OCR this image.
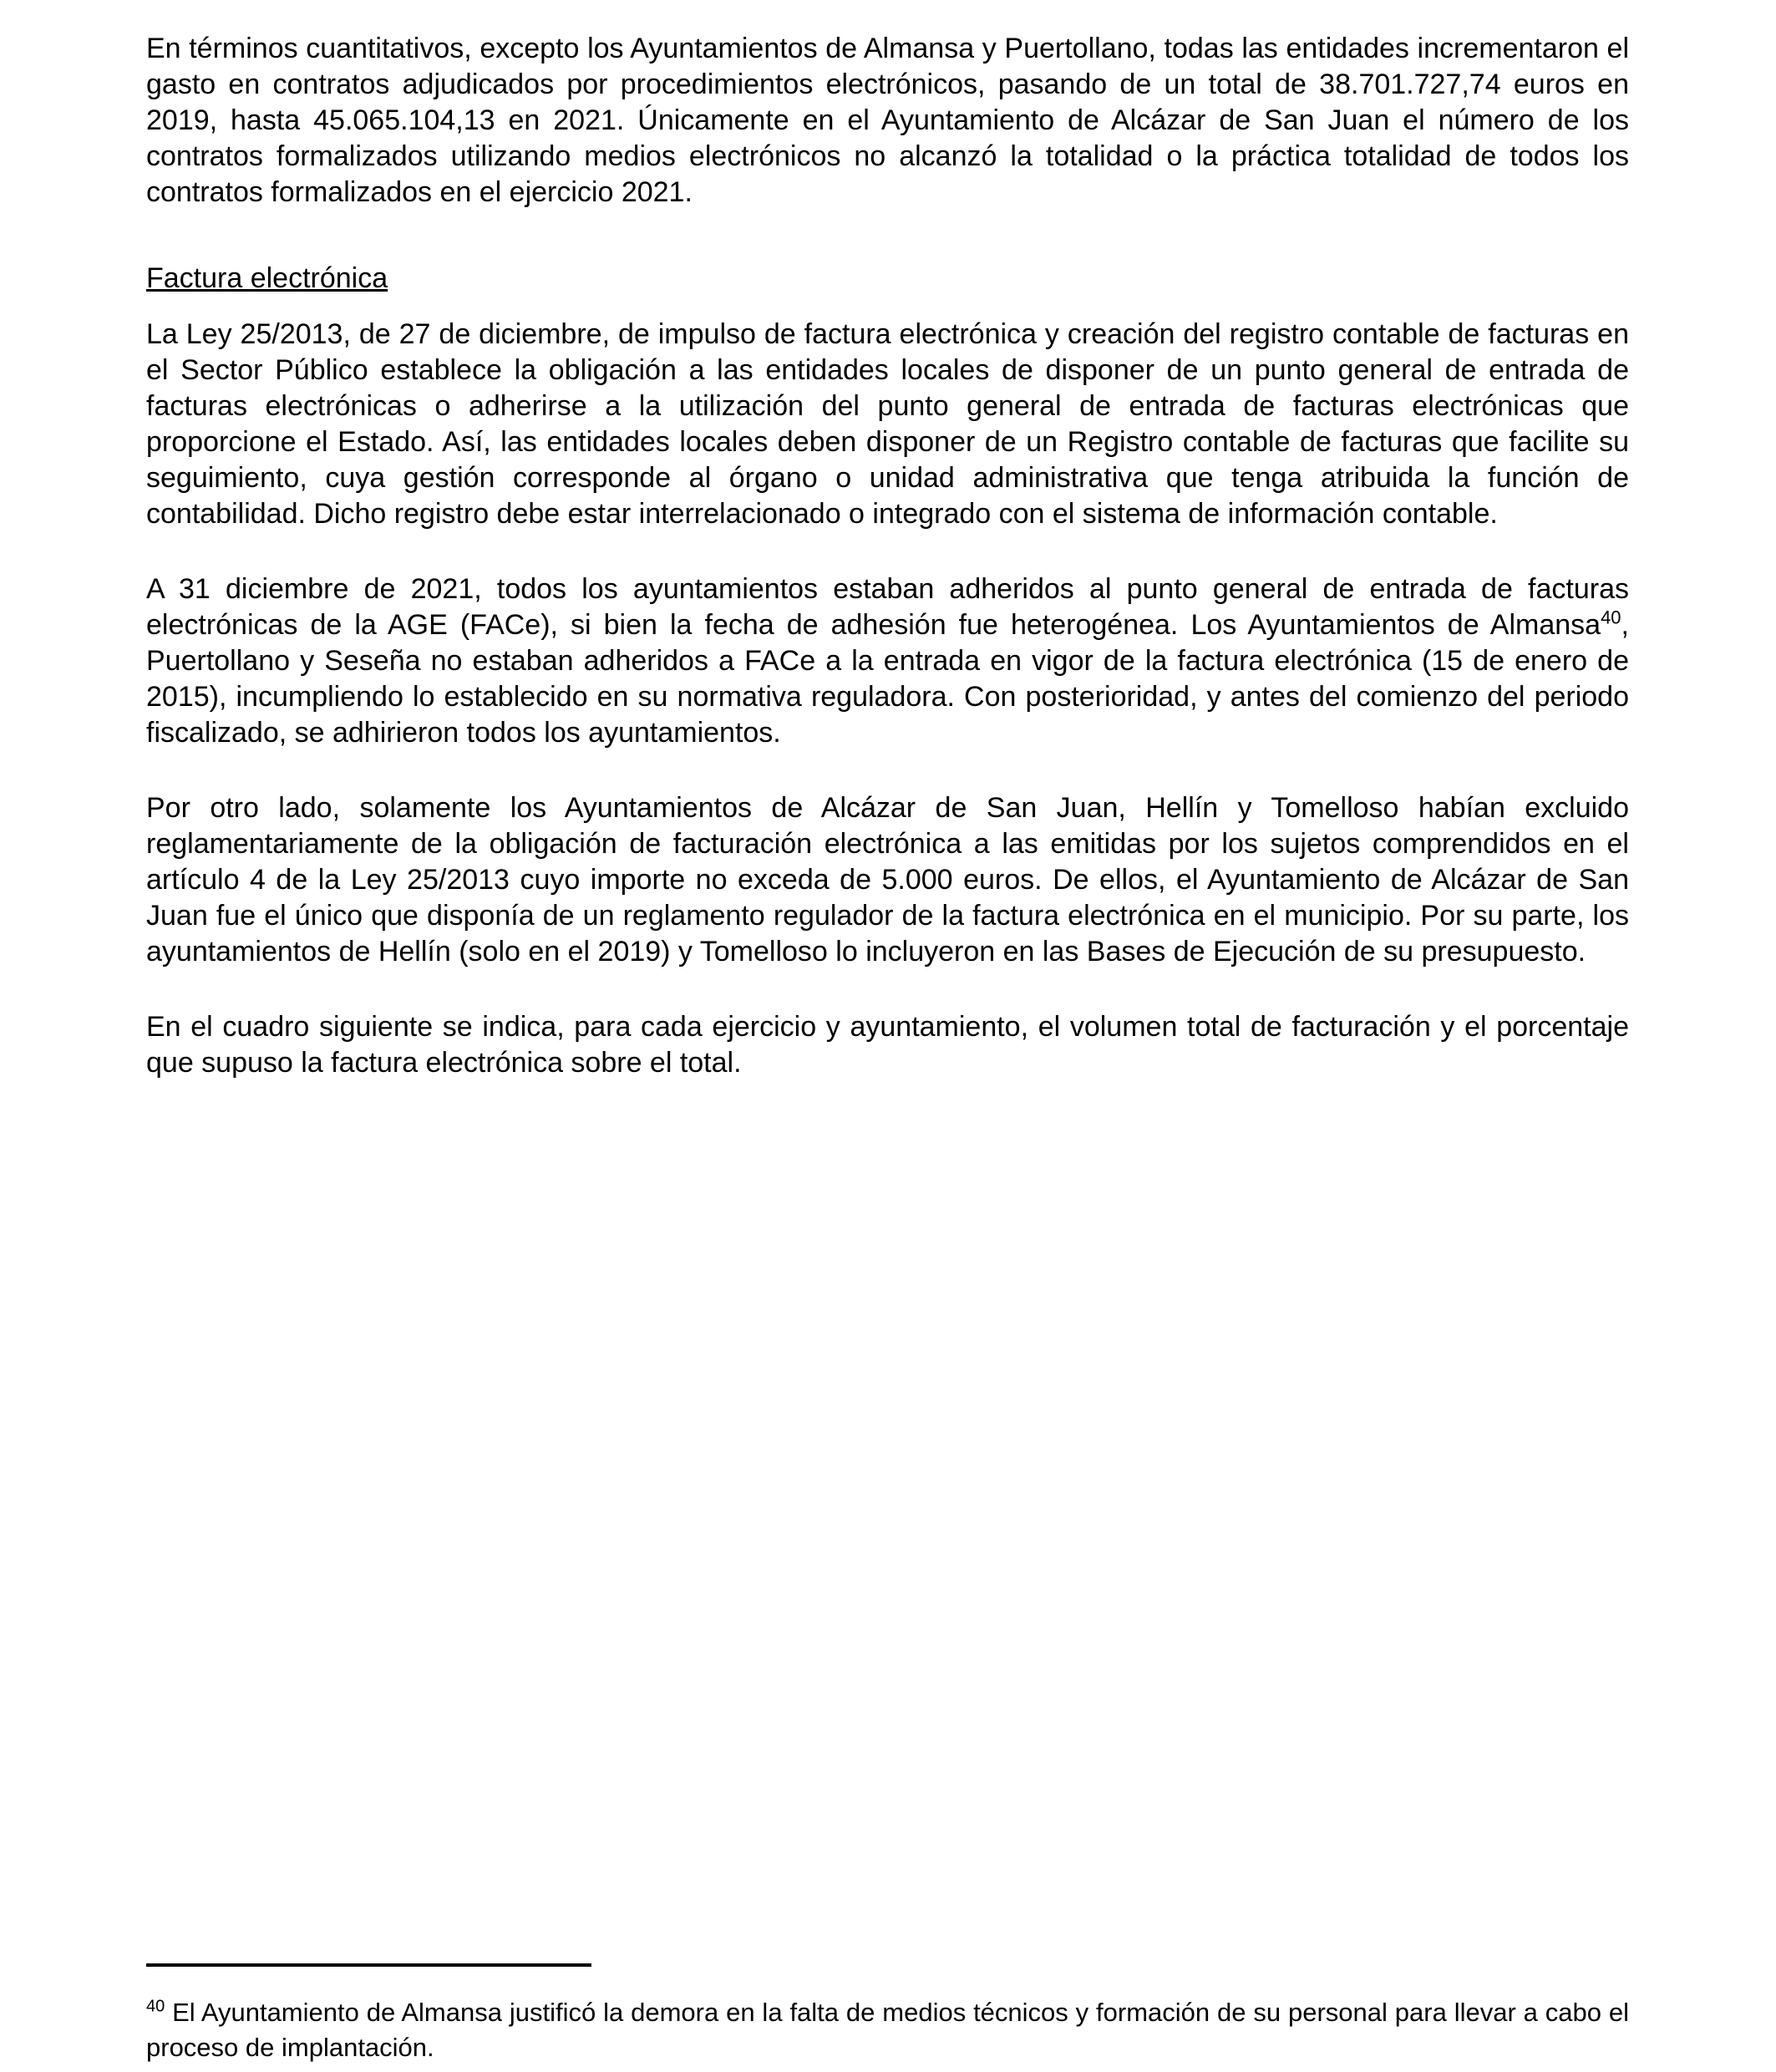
En términos cuantitativos, excepto los Ayuntamientos de Almansa y Puertollano, todas las entidades incrementaron el gasto en contratos adjudicados por procedimientos electrónicos, pasando de un total de 38.701.727,74 euros en 2019, hasta 45.065.104,13 en 2021. Únicamente en el Ayuntamiento de Alcázar de San Juan el número de los contratos formalizados utilizando medios electrónicos no alcanzó la totalidad o la práctica totalidad de todos los contratos formalizados en el ejercicio 2021.

Factura electrónica

La Ley 25/2013, de 27 de diciembre, de impulso de factura electrónica y creación del registro contable de facturas en el Sector Público establece la obligación a las entidades locales de disponer de un punto general de entrada de facturas electrónicas o adherirse a la utilización del punto general de entrada de facturas electrónicas que proporcione el Estado. Así, las entidades locales deben disponer de un Registro contable de facturas que facilite su seguimiento, cuya gestión corresponde al órgano o unidad administrativa que tenga atribuida la función de contabilidad. Dicho registro debe estar interrelacionado o integrado con el sistema de información contable.

A 31 diciembre de 2021, todos los ayuntamientos estaban adheridos al punto general de entrada de facturas electrónicas de la AGE (FACe), si bien la fecha de adhesión fue heterogénea. Los Ayuntamientos de Almansa$^{40}$, Puertollano y Seseña no estaban adheridos a FACe a la entrada en vigor de la factura electrónica (15 de enero de 2015), incumpliendo lo establecido en su normativa reguladora. Con posterioridad, y antes del comienzo del periodo fiscalizado, se adhirieron todos los ayuntamientos.

Por otro lado, solamente los Ayuntamientos de Alcázar de San Juan, Hellín y Tomelloso habían excluido reglamentariamente de la obligación de facturación electrónica a las emitidas por los sujetos comprendidos en el artículo 4 de la Ley 25/2013 cuyo importe no exceda de 5.000 euros. De ellos, el Ayuntamiento de Alcázar de San Juan fue el único que disponía de un reglamento regulador de la factura electrónica en el municipio. Por su parte, los ayuntamientos de Hellín (solo en el 2019) y Tomelloso lo incluyeron en las Bases de Ejecución de su presupuesto.

En el cuadro siguiente se indica, para cada ejercicio y ayuntamiento, el volumen total de facturación y el porcentaje que supuso la factura electrónica sobre el total.

$^{40}$ El Ayuntamiento de Almansa justificó la demora en la falta de medios técnicos y formación de su personal para llevar a cabo el proceso de implantación.
